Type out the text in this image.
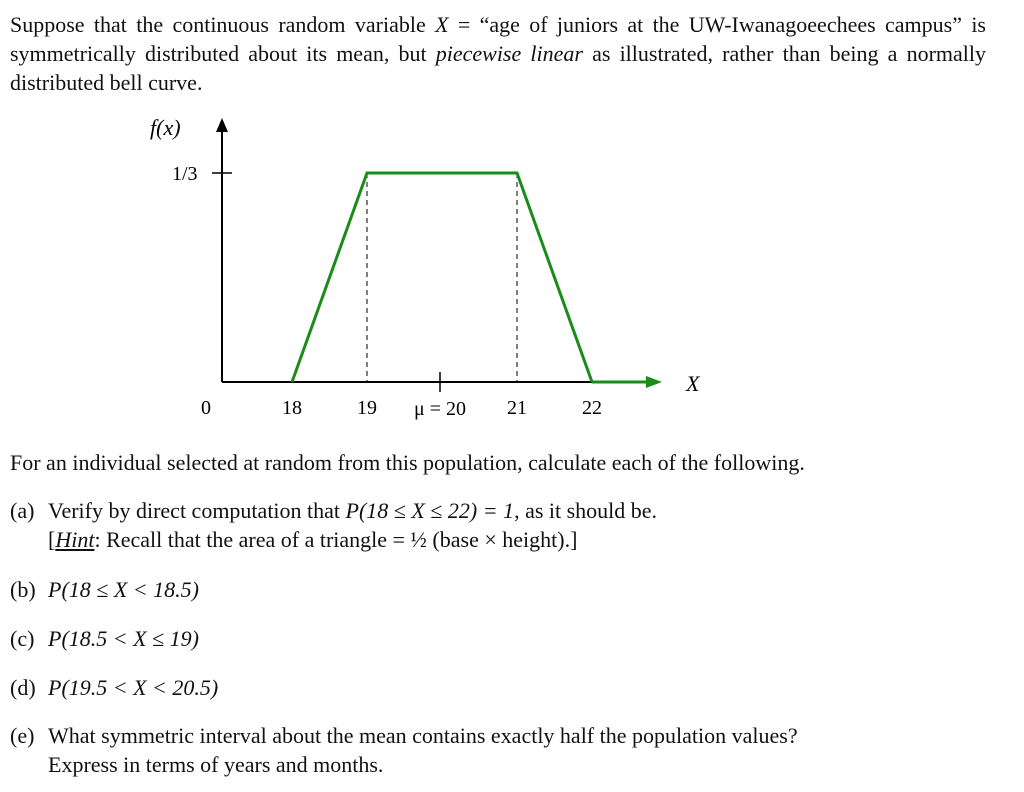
Suppose that the continuous random variable X = “age of juniors at the UW-Iwanagoeechees campus” is symmetrically distributed about its mean, but piecewise linear as illustrated, rather than being a normally distributed bell curve.
1/3
f(x)
0	18	19	21	22
μ = 20
X
For an individual selected at random from this population, calculate each of the following.
(a) Verify by direct computation that P(18 ≤ X ≤ 22) = 1, as it should be.
[Hint: Recall that the area of a triangle = ½ (base × height).]
(b) P(18 ≤ X < 18.5)
(c) P(18.5 < X ≤ 19)
(d) P(19.5 < X < 20.5)
(e) What symmetric interval about the mean contains exactly half the population values?
Express in terms of years and months.
